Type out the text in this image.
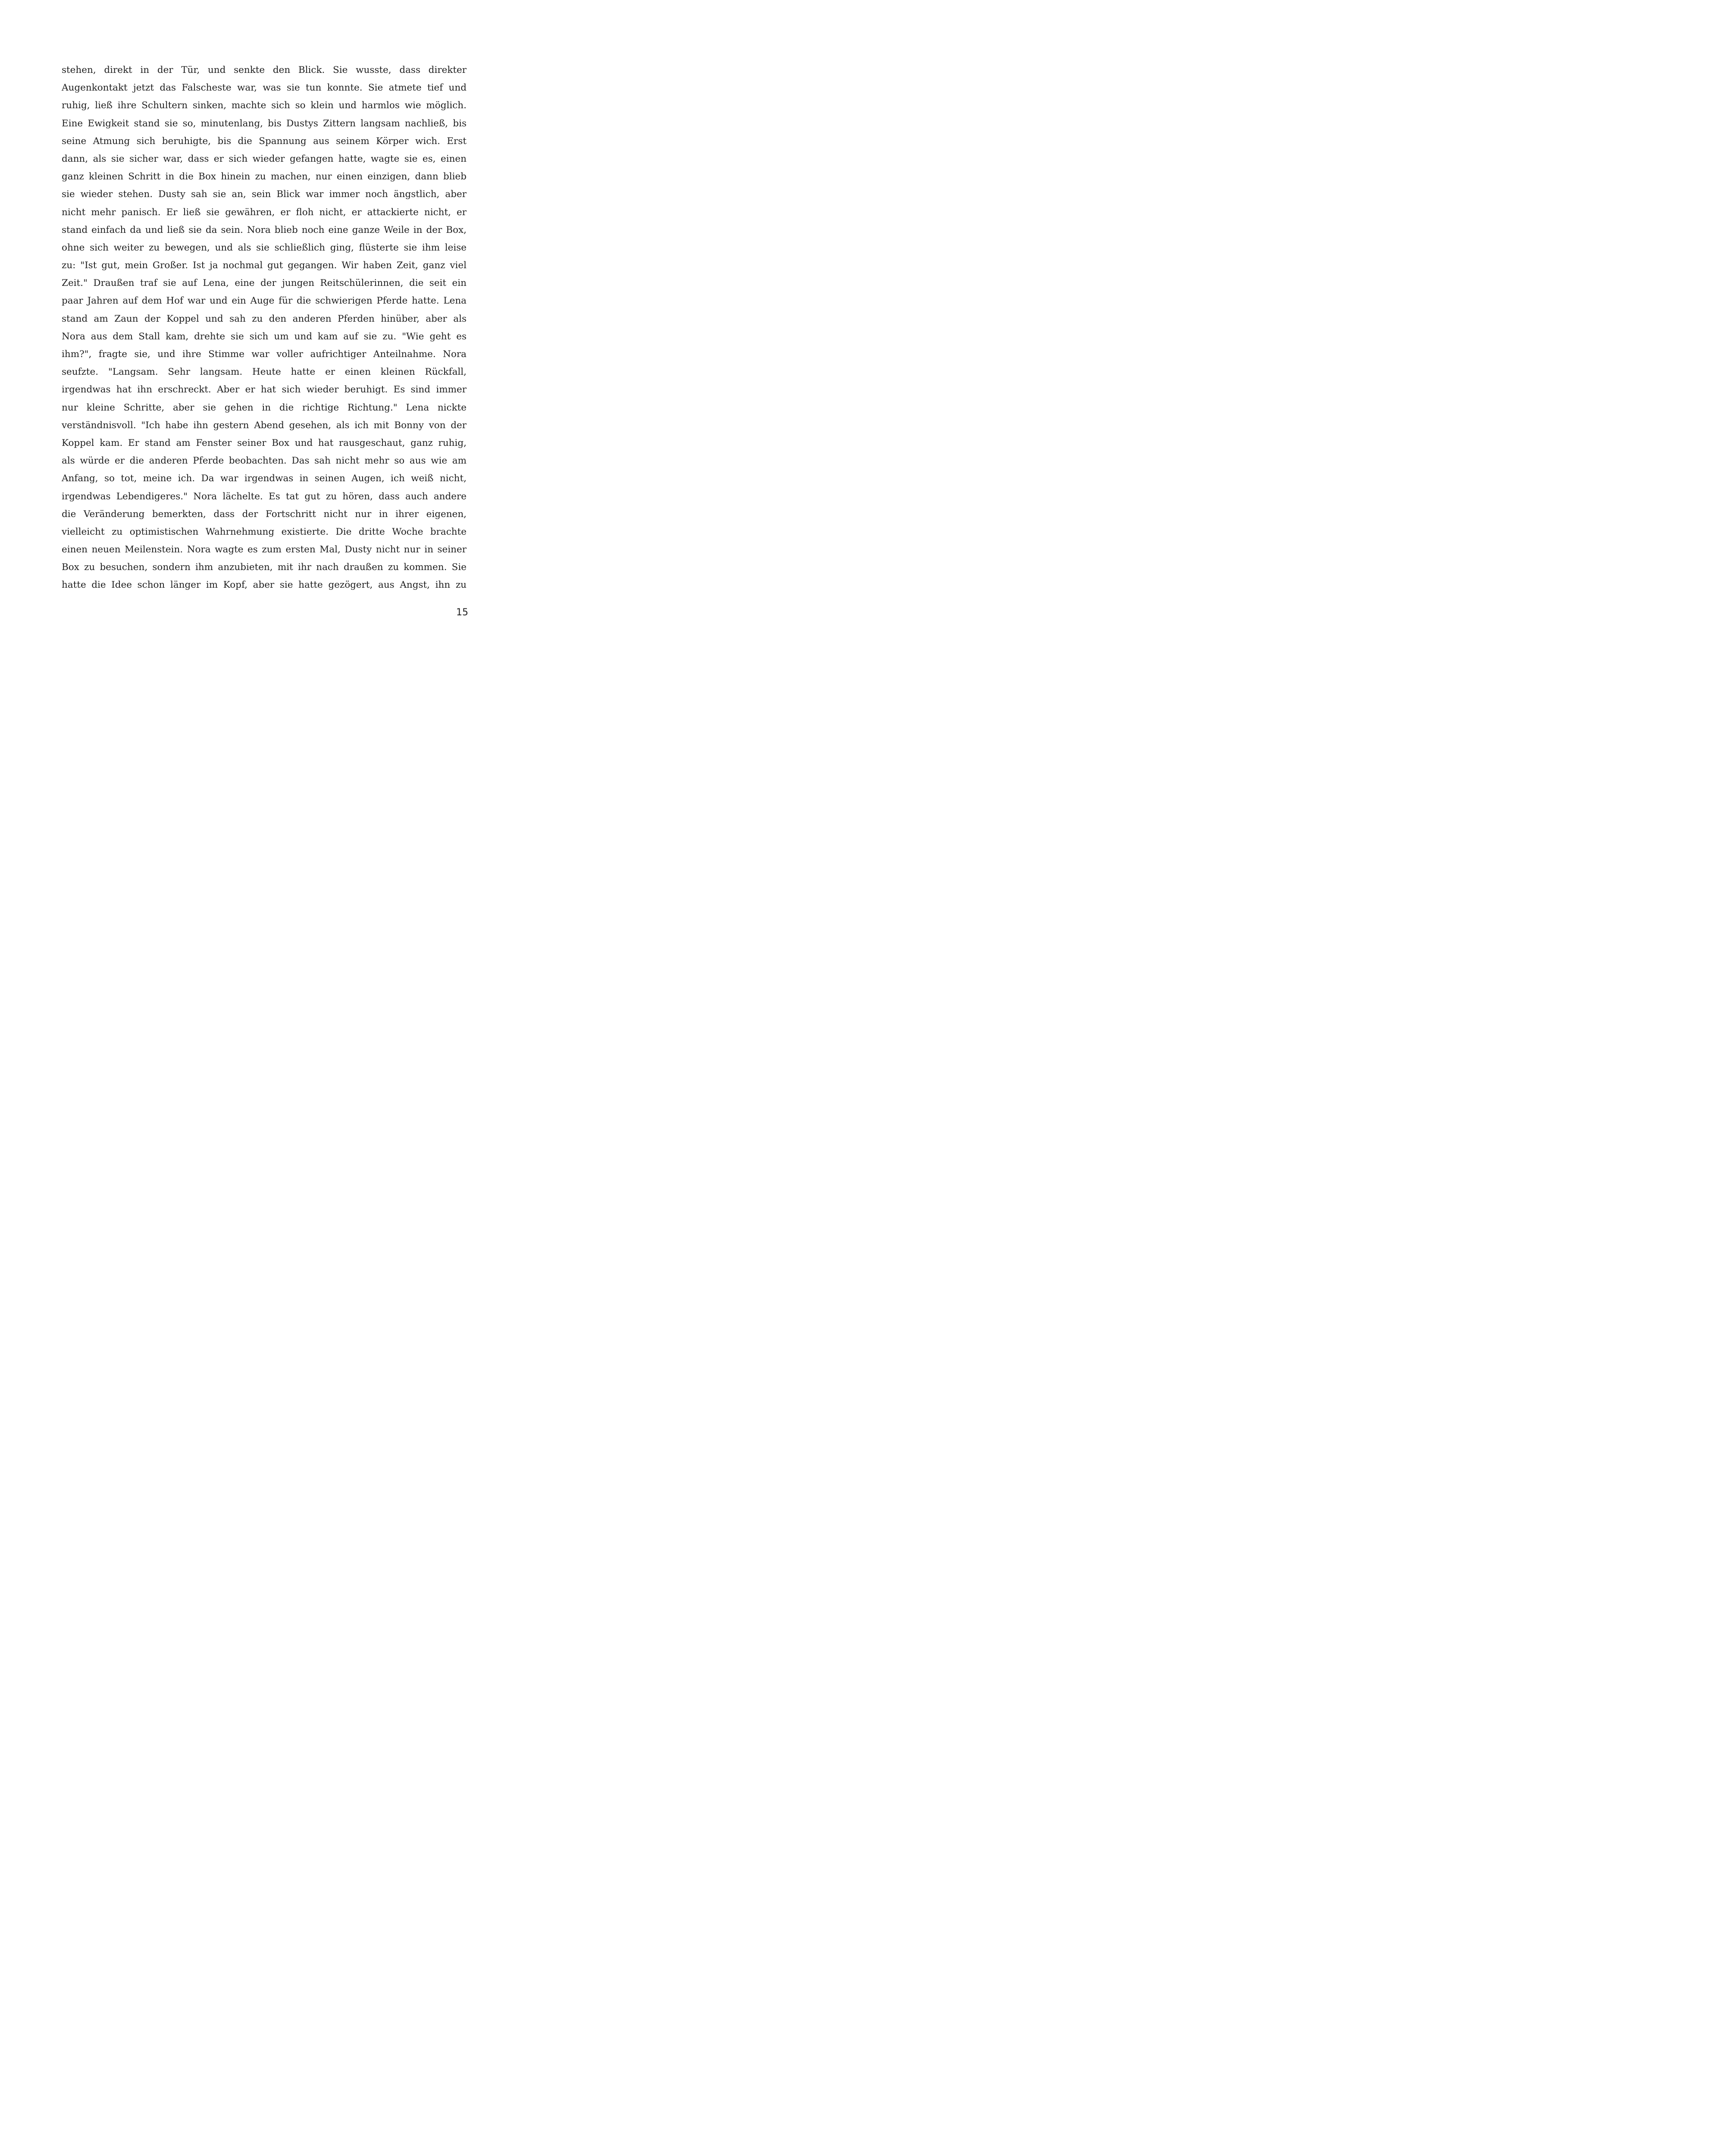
stehen, direkt in der Tür, und senkte den Blick. Sie wusste, dass direkter
Augenkontakt jetzt das Falscheste war, was sie tun konnte. Sie atmete tief und
ruhig, ließ ihre Schultern sinken, machte sich so klein und harmlos wie möglich.
Eine Ewigkeit stand sie so, minutenlang, bis Dustys Zittern langsam nachließ, bis
seine Atmung sich beruhigte, bis die Spannung aus seinem Körper wich. Erst
dann, als sie sicher war, dass er sich wieder gefangen hatte, wagte sie es, einen
ganz kleinen Schritt in die Box hinein zu machen, nur einen einzigen, dann blieb
sie wieder stehen. Dusty sah sie an, sein Blick war immer noch ängstlich, aber
nicht mehr panisch. Er ließ sie gewähren, er floh nicht, er attackierte nicht, er
stand einfach da und ließ sie da sein. Nora blieb noch eine ganze Weile in der Box,
ohne sich weiter zu bewegen, und als sie schließlich ging, flüsterte sie ihm leise
zu: "Ist gut, mein Großer. Ist ja nochmal gut gegangen. Wir haben Zeit, ganz viel
Zeit." Draußen traf sie auf Lena, eine der jungen Reitschülerinnen, die seit ein
paar Jahren auf dem Hof war und ein Auge für die schwierigen Pferde hatte. Lena
stand am Zaun der Koppel und sah zu den anderen Pferden hinüber, aber als
Nora aus dem Stall kam, drehte sie sich um und kam auf sie zu. "Wie geht es
ihm?", fragte sie, und ihre Stimme war voller aufrichtiger Anteilnahme. Nora
seufzte. "Langsam. Sehr langsam. Heute hatte er einen kleinen Rückfall,
irgendwas hat ihn erschreckt. Aber er hat sich wieder beruhigt. Es sind immer
nur kleine Schritte, aber sie gehen in die richtige Richtung." Lena nickte
verständnisvoll. "Ich habe ihn gestern Abend gesehen, als ich mit Bonny von der
Koppel kam. Er stand am Fenster seiner Box und hat rausgeschaut, ganz ruhig,
als würde er die anderen Pferde beobachten. Das sah nicht mehr so aus wie am
Anfang, so tot, meine ich. Da war irgendwas in seinen Augen, ich weiß nicht,
irgendwas Lebendigeres." Nora lächelte. Es tat gut zu hören, dass auch andere
die Veränderung bemerkten, dass der Fortschritt nicht nur in ihrer eigenen,
vielleicht zu optimistischen Wahrnehmung existierte. Die dritte Woche brachte
einen neuen Meilenstein. Nora wagte es zum ersten Mal, Dusty nicht nur in seiner
Box zu besuchen, sondern ihm anzubieten, mit ihr nach draußen zu kommen. Sie
hatte die Idee schon länger im Kopf, aber sie hatte gezögert, aus Angst, ihn zu
15
